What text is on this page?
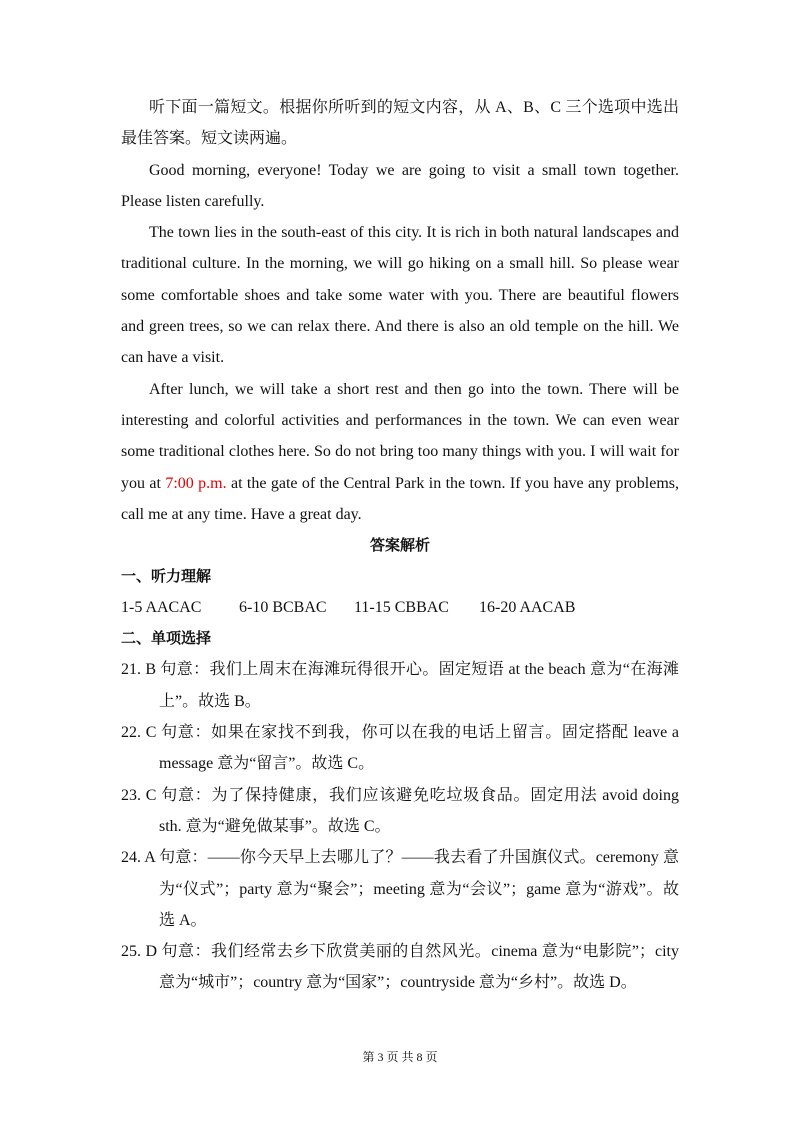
听下面一篇短文。根据你所听到的短文内容，从 A、B、C 三个选项中选出最佳答案。短文读两遍。

Good morning, everyone! Today we are going to visit a small town together. Please listen carefully.

The town lies in the south-east of this city. It is rich in both natural landscapes and traditional culture. In the morning, we will go hiking on a small hill. So please wear some comfortable shoes and take some water with you. There are beautiful flowers and green trees, so we can relax there. And there is also an old temple on the hill. We can have a visit.

After lunch, we will take a short rest and then go into the town. There will be interesting and colorful activities and performances in the town. We can even wear some traditional clothes here. So do not bring too many things with you. I will wait for you at 7:00 p.m. at the gate of the Central Park in the town. If you have any problems, call me at any time. Have a great day.

答案解析

一、听力理解

1-5 AACAC 6-10 BCBAC 11-15 CBBAC 16-20 AACAB

二、单项选择

21. B 句意：我们上周末在海滩玩得很开心。固定短语 at the beach 意为“在海滩上”。故选 B。

22. C 句意：如果在家找不到我，你可以在我的电话上留言。固定搭配 leave a message 意为“留言”。故选 C。

23. C 句意：为了保持健康，我们应该避免吃垃圾食品。固定用法 avoid doing sth. 意为“避免做某事”。故选 C。

24. A 句意：——你今天早上去哪儿了？——我去看了升国旗仪式。ceremony 意为“仪式”；party 意为“聚会”；meeting 意为“会议”；game 意为“游戏”。故选 A。

25. D 句意：我们经常去乡下欣赏美丽的自然风光。cinema 意为“电影院”；city 意为“城市”；country 意为“国家”；countryside 意为“乡村”。故选 D。

第 3 页 共 8 页
